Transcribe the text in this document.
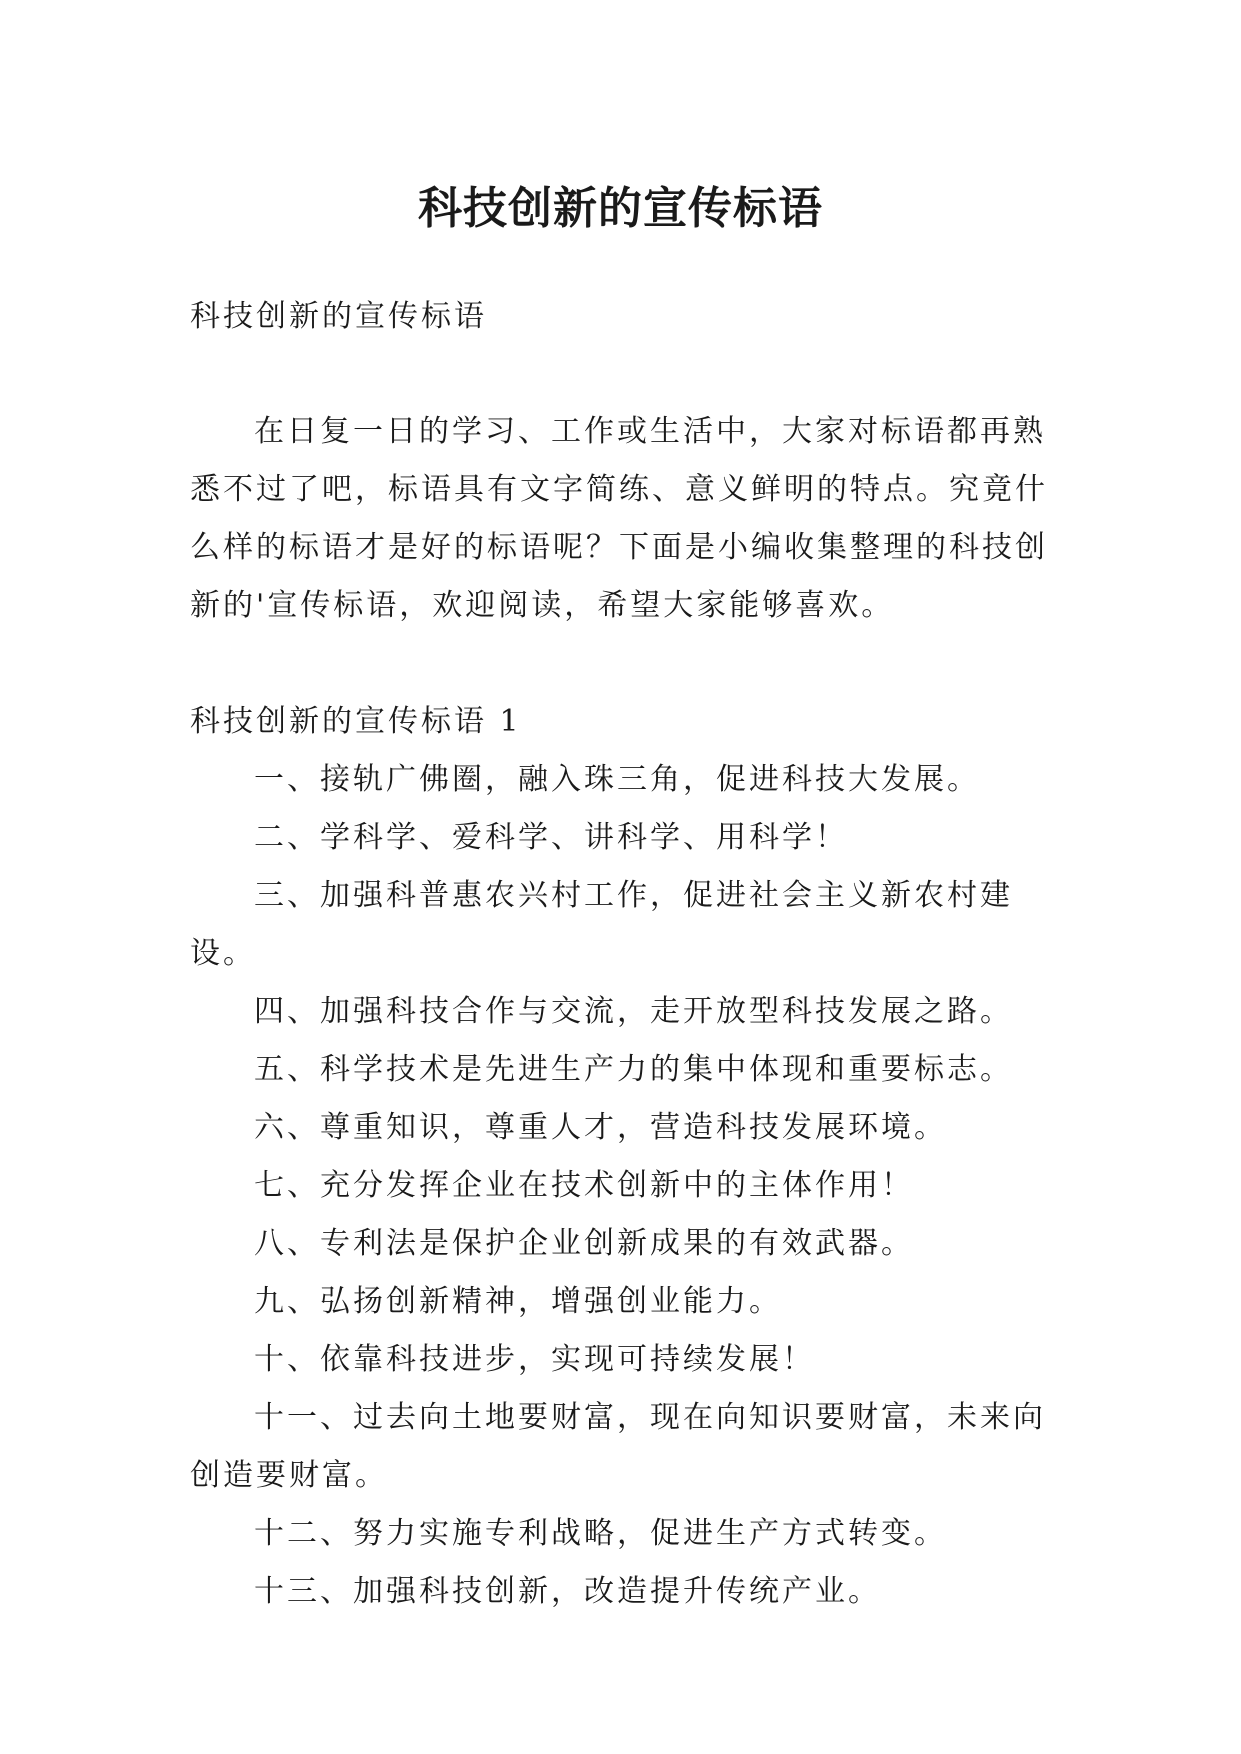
科技创新的宣传标语

科技创新的宣传标语

在日复一日的学习、工作或生活中，大家对标语都再熟悉不过了吧，标语具有文字简练、意义鲜明的特点。究竟什么样的标语才是好的标语呢？下面是小编收集整理的科技创新的'宣传标语，欢迎阅读，希望大家能够喜欢。

科技创新的宣传标语 1

一、接轨广佛圈，融入珠三角，促进科技大发展。
二、学科学、爱科学、讲科学、用科学！
三、加强科普惠农兴村工作，促进社会主义新农村建设。
四、加强科技合作与交流，走开放型科技发展之路。
五、科学技术是先进生产力的集中体现和重要标志。
六、尊重知识，尊重人才，营造科技发展环境。
七、充分发挥企业在技术创新中的主体作用！
八、专利法是保护企业创新成果的有效武器。
九、弘扬创新精神，增强创业能力。
十、依靠科技进步，实现可持续发展！
十一、过去向土地要财富，现在向知识要财富，未来向创造要财富。
十二、努力实施专利战略，促进生产方式转变。
十三、加强科技创新，改造提升传统产业。
